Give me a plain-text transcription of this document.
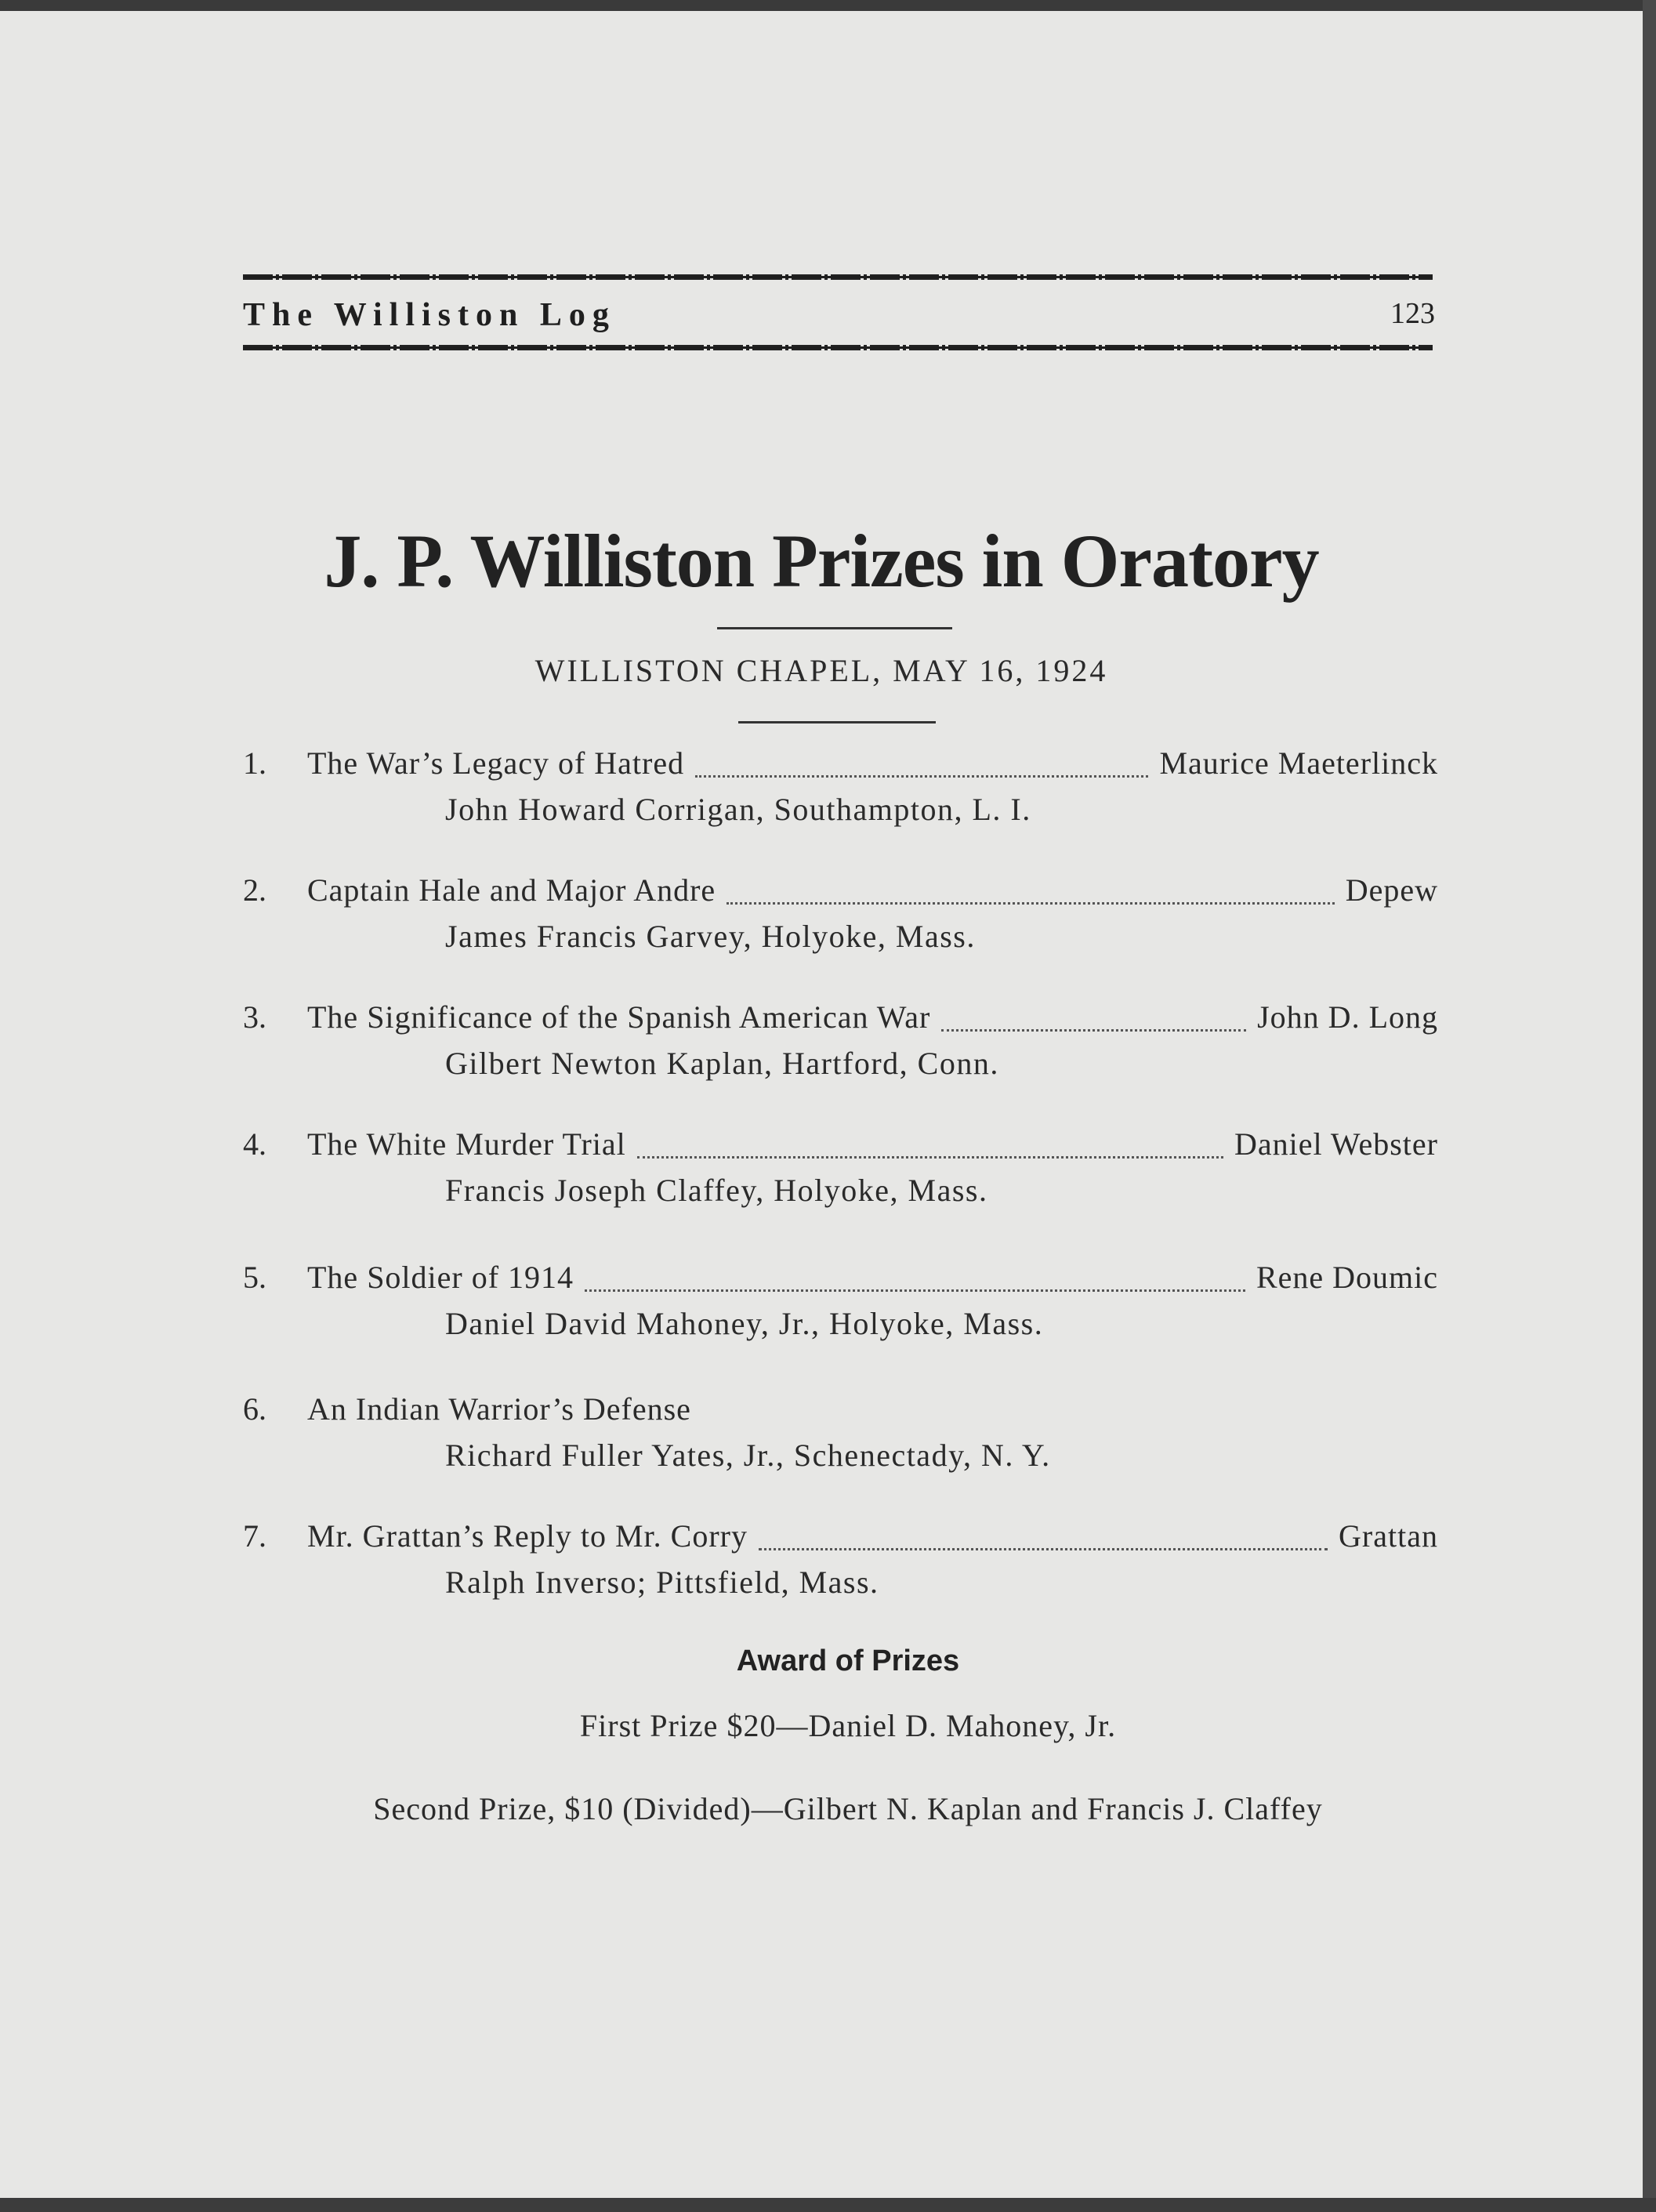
The Williston Log	123
J. P. Williston Prizes in Oratory
WILLISTON CHAPEL, MAY 16, 1924
1.	The War’s Legacy of Hatred	Maurice Maeterlinck
John Howard Corrigan, Southampton, L. I.
2.	Captain Hale and Major Andre	Depew
James Francis Garvey, Holyoke, Mass.
3.	The Significance of the Spanish American War	John D. Long
Gilbert Newton Kaplan, Hartford, Conn.
4.	The White Murder Trial	Daniel Webster
Francis Joseph Claffey, Holyoke, Mass.
5.	The Soldier of 1914	Rene Doumic
Daniel David Mahoney, Jr., Holyoke, Mass.
6.	An Indian Warrior’s Defense
Richard Fuller Yates, Jr., Schenectady, N. Y.
7.	Mr. Grattan’s Reply to Mr. Corry	Grattan
Ralph Inverso; Pittsfield, Mass.
Award of Prizes
First Prize $20—Daniel D. Mahoney, Jr.
Second Prize, $10 (Divided)—Gilbert N. Kaplan and Francis J. Claffey
